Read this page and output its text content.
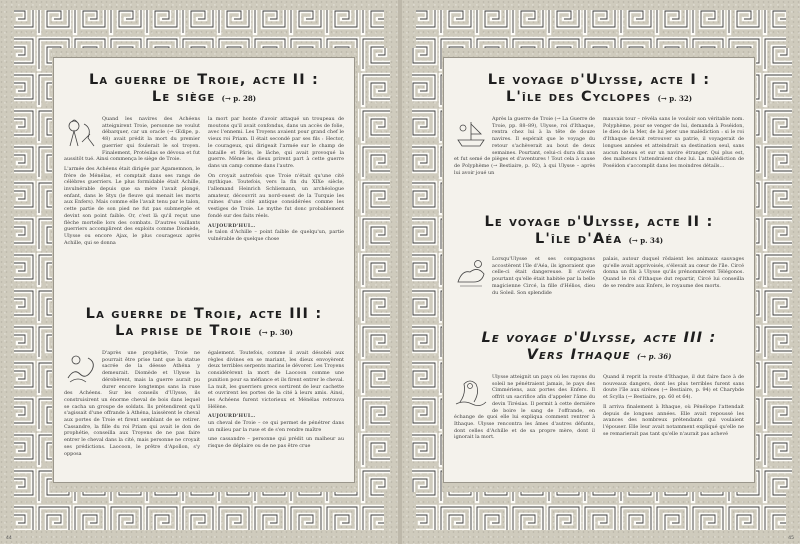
La guerre de Troie, acte II :
Le siège (→ p. 28)

Quand les navires des Achéens atteignirent Troie, personne ne voulut débarquer, car un oracle (→ Œdipe, p. 48) avait prédit la mort du premier guerrier qui foulerait le sol troyen. Finalement, Protésilas se dévoua et fut aussitôt tué. Ainsi commença le siège de Troie.

L'armée des Achéens était dirigée par Agamemnon, le frère de Ménélas, et comptait dans ses rangs de célèbres guerriers. Le plus formidable était Achille, invulnérable depuis que sa mère l'avait plongé, enfant, dans le Styx (le fleuve qui menait les morts aux Enfers). Mais comme elle l'avait tenu par le talon, cette partie de son pied ne fut pas submergée et devint son point faible. Or, c'est là qu'il reçut une flèche mortelle lors des combats. D'autres vaillants guerriers accomplirent des exploits comme Diomède, Ulysse ou encore Ajax, le plus courageux après Achille, qui se donna

la mort par honte d'avoir attaqué un troupeau de moutons qu'il avait confondus, dans un accès de folie, avec l'ennemi. Les Troyens avaient pour grand chef le vieux roi Priam. Il était secondé par ses fils : Hector, le courageux, qui dirigeait l'armée sur le champ de bataille et Pâris, le lâche, qui avait provoqué la guerre. Même les dieux prirent part à cette guerre dans un camp comme dans l'autre.

On croyait autrefois que Troie n'était qu'une cité mythique. Toutefois, vers la fin du XIXe siècle, l'allemand Heinrich Schliemann, un archéologue amateur, découvrit au nord-ouest de la Turquie les ruines d'une cité antique considérées comme les vestiges de Troie. Le mythe fut donc probablement fondé sur des faits réels.

AUJOURD'HUI…

le talon d'Achille – point faible de quelqu'un, partie vulnérable de quelque chose

La guerre de Troie, acte III :
La prise de Troie (→ p. 30)

D'après une prophétie, Troie ne pourrait être prise tant que la statue sacrée de la déesse Athéna y demeurait. Diomède et Ulysse la dérobèrent, mais la guerre aurait pu durer encore longtemps sans la ruse des Achéens. Sur les conseils d'Ulysse, ils construisirent un énorme cheval de bois dans lequel se cacha un groupe de soldats. Ils prétendirent qu'il s'agissait d'une offrande à Athéna, laissèrent le cheval aux portes de Troie et firent semblant de se retirer. Cassandre, la fille du roi Priam qui avait le don de prophétie, conseilla aux Troyens de ne pas faire entrer le cheval dans la cité, mais personne ne croyait ses prédictions. Laocoon, le prêtre d'Apollon, s'y opposa

également. Toutefois, comme il avait désobéi aux règles divines en se mariant, les dieux envoyèrent deux terribles serpents marins le dévorer. Les Troyens considérèrent la mort de Laocoon comme une punition pour sa méfiance et ils firent entrer le cheval. La nuit, les guerriers grecs sortirent de leur cachette et ouvrirent les portes de la cité à leurs amis. Ainsi, les Achéens furent victorieux et Ménélas retrouva Hélène.

AUJOURD'HUI…

un cheval de Troie – ce qui permet de pénétrer dans un milieu par la ruse et de s'en rendre maître

une cassandre – personne qui prédit un malheur au risque de déplaire ou de ne pas être crue

44
Le voyage d'Ulysse, acte I :
L'île des Cyclopes (→ p. 32)

Après la guerre de Troie (→ La Guerre de Troie, pp. 88–89), Ulysse, roi d'Ithaque, rentra chez lui à la tête de douze navires. Il espérait que le voyage du retour s'achèverait au bout de deux semaines. Pourtant, celui-ci dura dix ans et fut semé de pièges et d'aventures ! Tout cela à cause de Polyphème (→ Bestiaire, p. 92), à qui Ulysse – après lui avoir joué un

mauvais tour – révéla sans le vouloir son véritable nom. Polyphème, pour se venger de lui, demanda à Poséidon, le dieu de la Mer, de lui jeter une malédiction : si le roi d'Ithaque devait retrouver sa patrie, il voyagerait de longues années et atteindrait sa destination seul, sans aucun bateau et sur un navire étranger. Qui plus est, des malheurs l'attendraient chez lui. La malédiction de Poséidon s'accomplit dans les moindres détails…

Le voyage d'Ulysse, acte II :
L'île d'Aéa (→ p. 34)

Lorsqu'Ulysse et ses compagnons accostèrent l'île d'Aéa, ils ignoraient que celle-ci était dangereuse. Il s'avéra pourtant qu'elle était habitée par la belle magicienne Circé, la fille d'Hélios, dieu du Soleil. Son splendide

palais, autour duquel rôdaient les animaux sauvages qu'elle avait apprivoisés, s'élevait au cœur de l'île. Circé donna un fils à Ulysse qu'ils prénommèrent Télégonos. Quand le roi d'Ithaque dut repartir, Circé lui conseilla de se rendre aux Enfers, le royaume des morts.

Le voyage d'Ulysse, acte III :
Vers Ithaque (→ p. 36)

Ulysse atteignit un pays où les rayons du soleil ne pénétraient jamais, le pays des Cimmériens, aux portes des Enfers. Il offrit un sacrifice afin d'appeler l'âme du devin Tirésias. Il permit à cette dernière de boire le sang de l'offrande, en échange de quoi elle lui expliqua comment rentrer à Ithaque. Ulysse rencontra les âmes d'autres défunts, dont celles d'Achille et de sa propre mère, dont il ignorait la mort.

Quand il reprit la route d'Ithaque, il dut faire face à de nouveaux dangers, dont les plus terribles furent sans doute l'île aux sirènes (→ Bestiaire, p. 94) et Charybde et Scylla (→ Bestiaire, pp. 60 et 64).

Il arriva finalement à Ithaque, où Pénélope l'attendait depuis de longues années. Elle avait repoussé les avances des nombreux prétendants qui voulaient l'épouser. Elle leur avait notamment expliqué qu'elle ne se remarierait pas tant qu'elle n'aurait pas achevé

45
